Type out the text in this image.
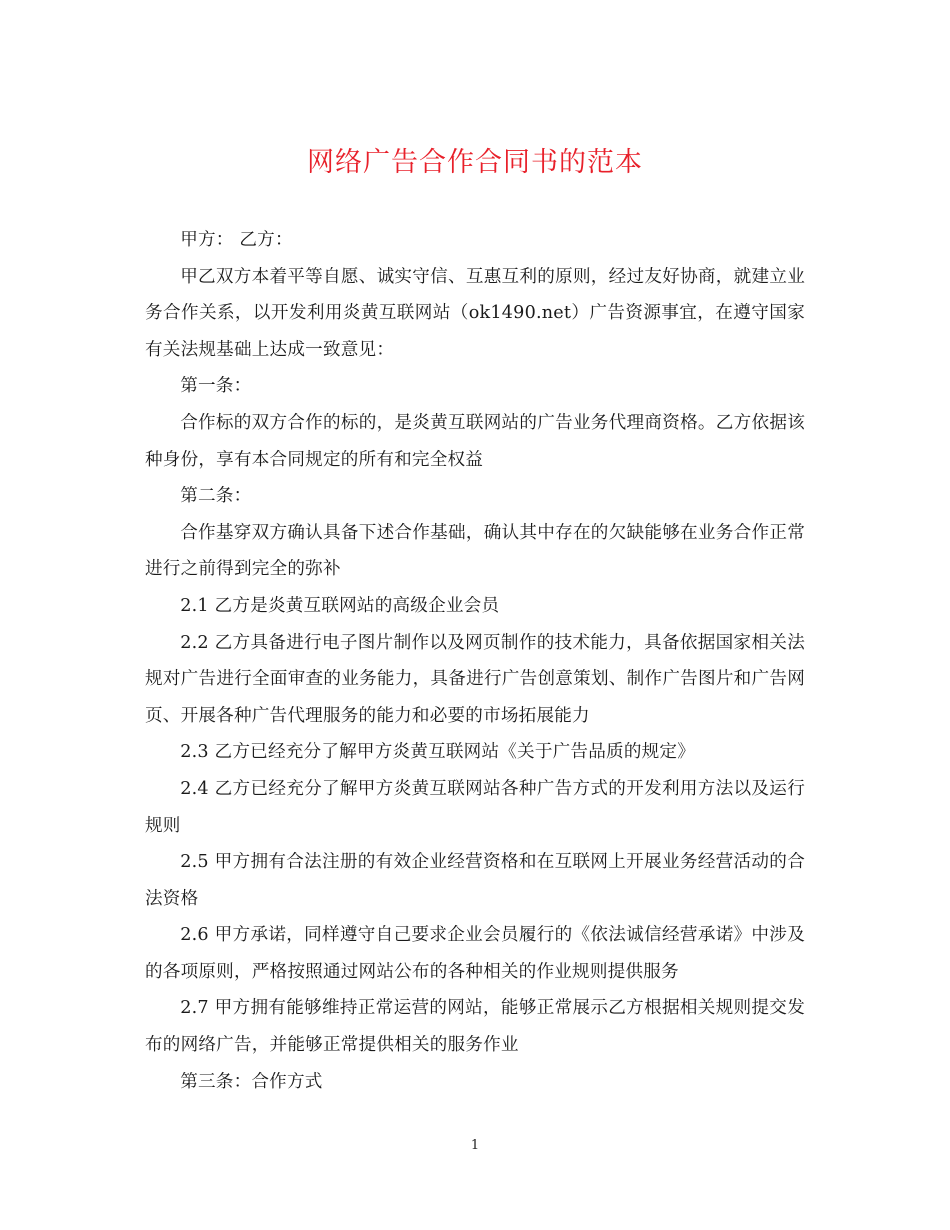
网络广告合作合同书的范本

甲方： 乙方：

甲乙双方本着平等自愿、诚实守信、互惠互利的原则，经过友好协商，就建立业务合作关系，以开发利用炎黄互联网站（ok1490.net）广告资源事宜，在遵守国家有关法规基础上达成一致意见：

第一条：

合作标的双方合作的标的，是炎黄互联网站的广告业务代理商资格。乙方依据该种身份，享有本合同规定的所有和完全权益

第二条：

合作基穿双方确认具备下述合作基础，确认其中存在的欠缺能够在业务合作正常进行之前得到完全的弥补

2.1 乙方是炎黄互联网站的高级企业会员

2.2 乙方具备进行电子图片制作以及网页制作的技术能力，具备依据国家相关法规对广告进行全面审查的业务能力，具备进行广告创意策划、制作广告图片和广告网页、开展各种广告代理服务的能力和必要的市场拓展能力

2.3 乙方已经充分了解甲方炎黄互联网站《关于广告品质的规定》

2.4 乙方已经充分了解甲方炎黄互联网站各种广告方式的开发利用方法以及运行规则

2.5 甲方拥有合法注册的有效企业经营资格和在互联网上开展业务经营活动的合法资格

2.6 甲方承诺，同样遵守自己要求企业会员履行的《依法诚信经营承诺》中涉及的各项原则，严格按照通过网站公布的各种相关的作业规则提供服务

2.7 甲方拥有能够维持正常运营的网站，能够正常展示乙方根据相关规则提交发布的网络广告，并能够正常提供相关的服务作业

第三条：合作方式

1
